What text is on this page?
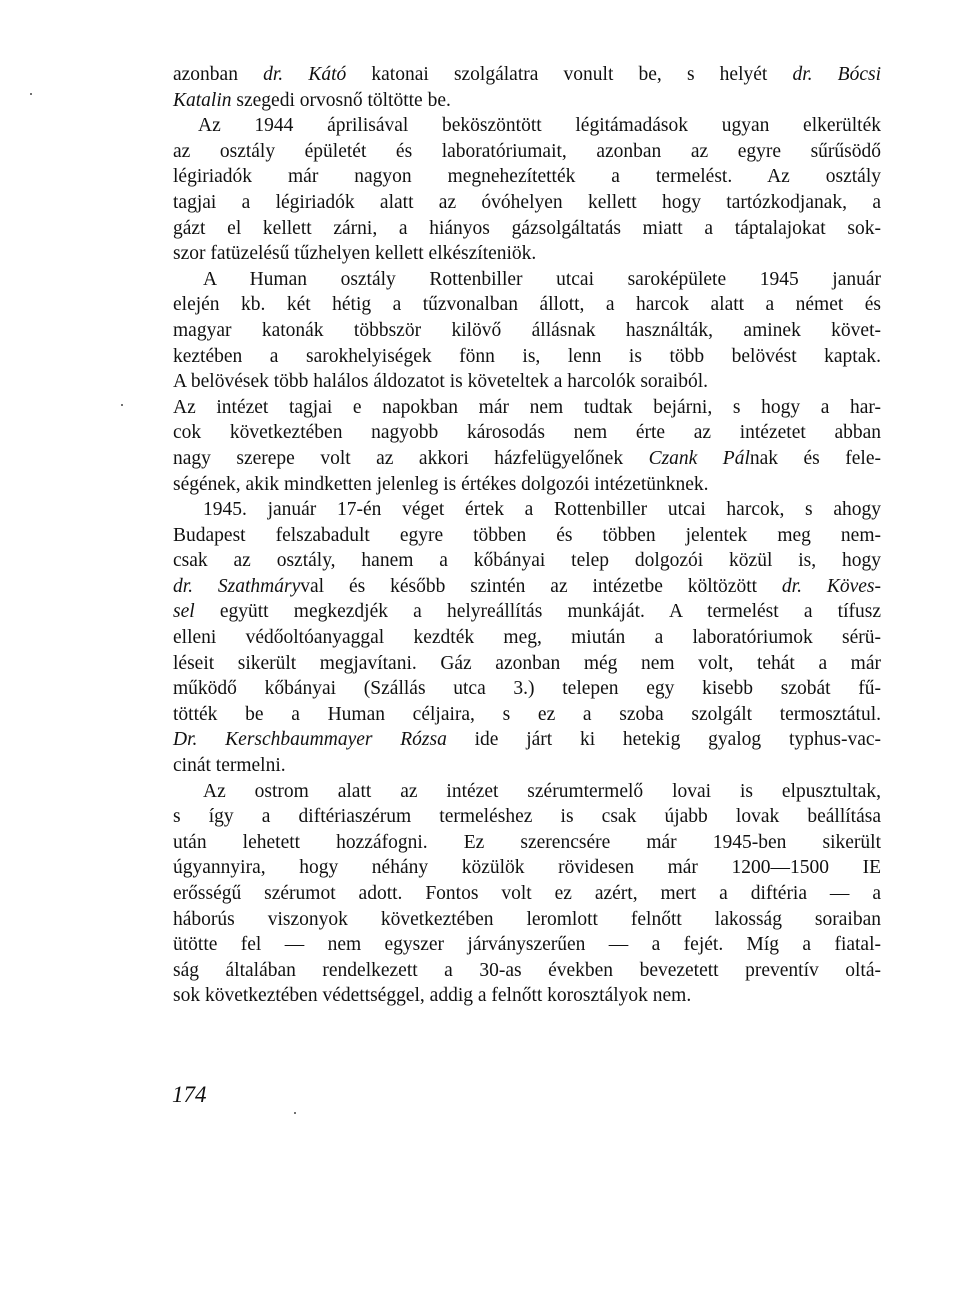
azonban dr. Kátó katonai szolgálatra vonult be, s helyét dr. Bócsi
Katalin szegedi orvosnő töltötte be.
Az 1944 áprilisával beköszöntött légitámadások ugyan elkerülték
az osztály épületét és laboratóriumait, azonban az egyre sűrűsödő
légiriadók már nagyon megnehezítették a termelést. Az osztály
tagjai a légiriadók alatt az óvóhelyen kellett hogy tartózkodjanak, a
gázt el kellett zárni, a hiányos gázsolgáltatás miatt a táptalajokat sok-
szor fatüzelésű tűzhelyen kellett elkészíteniök.
A Human osztály Rottenbiller utcai saroképülete 1945 január
elején kb. két hétig a tűzvonalban állott, a harcok alatt a német és
magyar katonák többször kilövő állásnak használták, aminek követ-
keztében a sarokhelyiségek fönn is, lenn is több belövést kaptak.
A belövések több halálos áldozatot is követeltek a harcolók soraiból.
Az intézet tagjai e napokban már nem tudtak bejárni, s hogy a har-
cok következtében nagyobb károsodás nem érte az intézetet abban
nagy szerepe volt az akkori házfelügyelőnek Czank Pálnak és fele-
ségének, akik mindketten jelenleg is értékes dolgozói intézetünknek.
1945. január 17-én véget értek a Rottenbiller utcai harcok, s ahogy
Budapest felszabadult egyre többen és többen jelentek meg nem-
csak az osztály, hanem a kőbányai telep dolgozói közül is, hogy
dr. Szathmáryval és később szintén az intézetbe költözött dr. Köves-
sel együtt megkezdjék a helyreállítás munkáját. A termelést a tífusz
elleni védőoltóanyaggal kezdték meg, miután a laboratóriumok sérü-
léseit sikerült megjavítani. Gáz azonban még nem volt, tehát a már
működő kőbányai (Szállás utca 3.) telepen egy kisebb szobát fű-
tötték be a Human céljaira, s ez a szoba szolgált termosztátul.
Dr. Kerschbaummayer Rózsa ide járt ki hetekig gyalog typhus-vac-
cinát termelni.
Az ostrom alatt az intézet szérumtermelő lovai is elpusztultak,
s így a diftériaszérum termeléshez is csak újabb lovak beállítása
után lehetett hozzáfogni. Ez szerencsére már 1945-ben sikerült
úgyannyira, hogy néhány közülök rövidesen már 1200—1500 IE
erősségű szérumot adott. Fontos volt ez azért, mert a diftéria — a
háborús viszonyok következtében leromlott felnőtt lakosság soraiban
ütötte fel — nem egyszer járványszerűen — a fejét. Míg a fiatal-
ság általában rendelkezett a 30-as években bevezetett preventív oltá-
sok következtében védettséggel, addig a felnőtt korosztályok nem.
174
